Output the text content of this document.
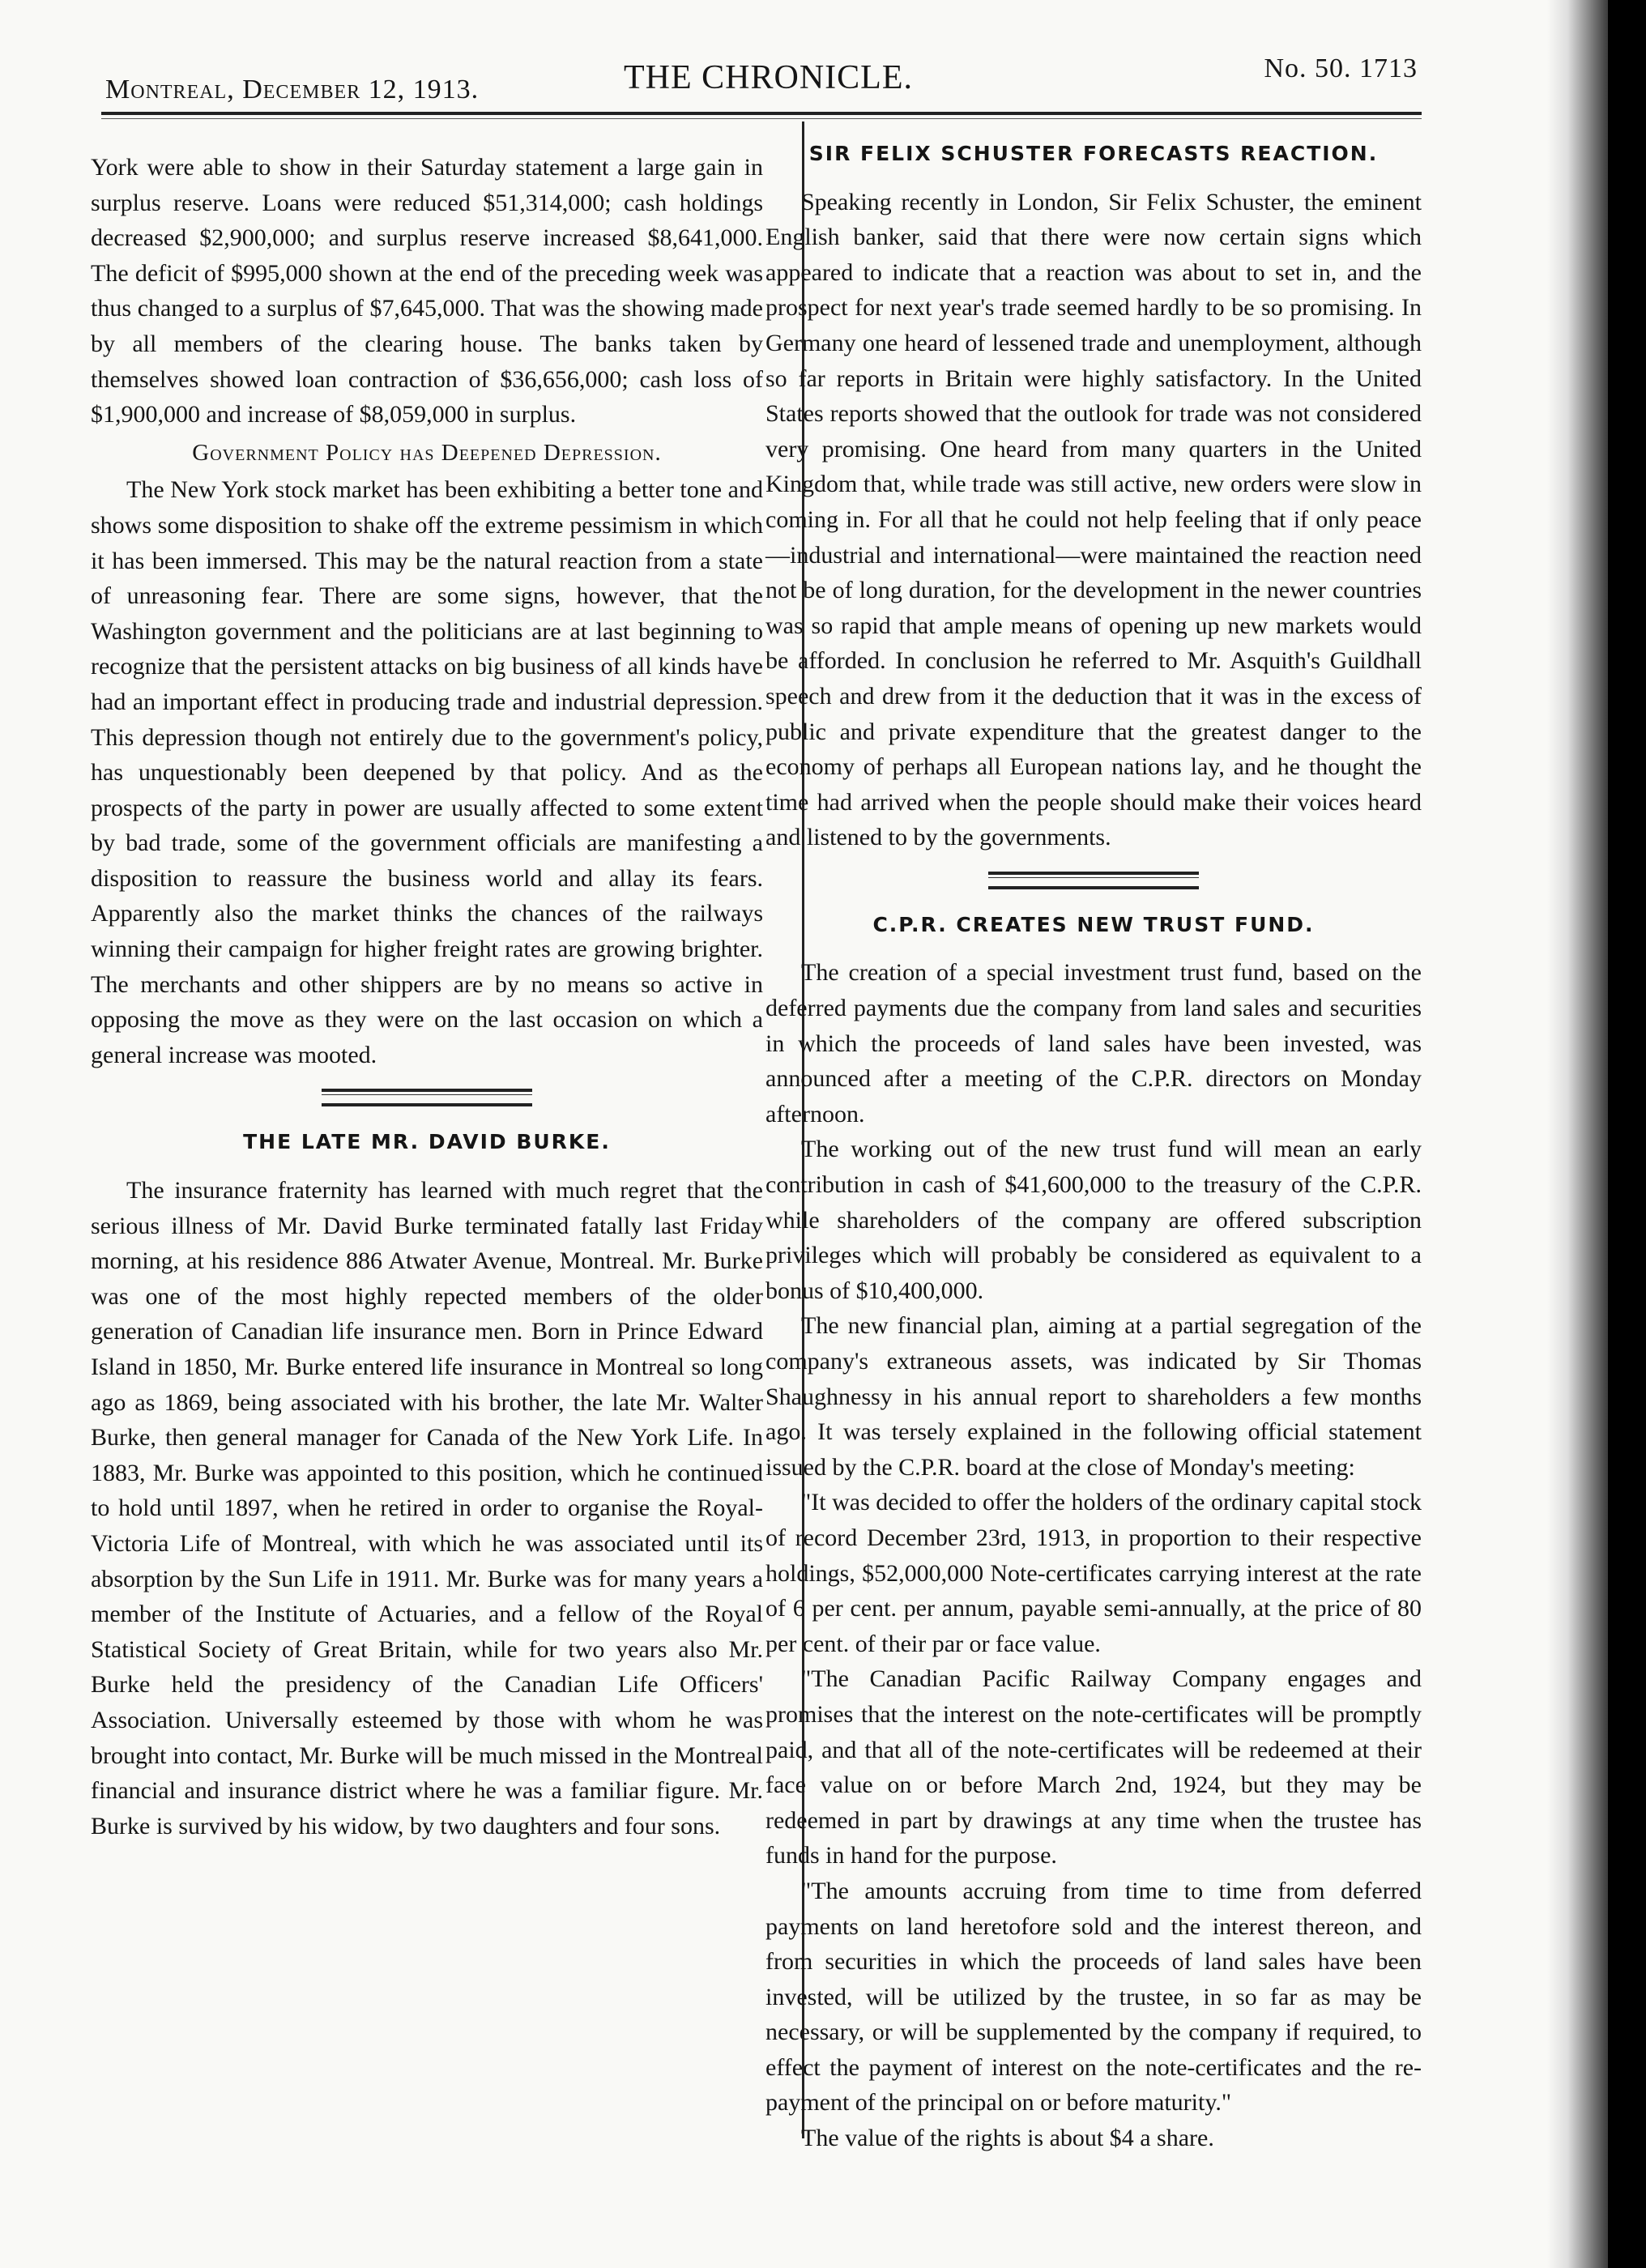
Montreal, December 12, 1913.	THE CHRONICLE.	No. 50. 1713

York were able to show in their Saturday statement a large gain in surplus reserve. Loans were reduced $51,314,000; cash holdings decreased $2,900,000; and surplus reserve increased $8,641,000. The deficit of $995,000 shown at the end of the preceding week was thus changed to a surplus of $7,645,000. That was the showing made by all members of the clearing house. The banks taken by themselves showed loan contraction of $36,656,000; cash loss of $1,900,000 and increase of $8,059,000 in surplus.

Government Policy has Deepened Depression.

The New York stock market has been exhibiting a better tone and shows some disposition to shake off the extreme pessimism in which it has been immersed. This may be the natural reaction from a state of unreasoning fear. There are some signs, however, that the Washington government and the politicians are at last beginning to recognize that the persistent attacks on big business of all kinds have had an important effect in producing trade and industrial depression. This depression though not entirely due to the government's policy, has unquestionably been deepened by that policy. And as the prospects of the party in power are usually affected to some extent by bad trade, some of the government officials are manifesting a disposition to reassure the business world and allay its fears. Apparently also the market thinks the chances of the railways winning their campaign for higher freight rates are growing brighter. The merchants and other shippers are by no means so active in opposing the move as they were on the last occasion on which a general increase was mooted.

THE LATE MR. DAVID BURKE.

The insurance fraternity has learned with much regret that the serious illness of Mr. David Burke terminated fatally last Friday morning, at his residence 886 Atwater Avenue, Montreal. Mr. Burke was one of the most highly repected members of the older generation of Canadian life insurance men. Born in Prince Edward Island in 1850, Mr. Burke entered life insurance in Montreal so long ago as 1869, being associated with his brother, the late Mr. Walter Burke, then general manager for Canada of the New York Life. In 1883, Mr. Burke was appointed to this position, which he continued to hold until 1897, when he retired in order to organise the Royal-Victoria Life of Montreal, with which he was associated until its absorption by the Sun Life in 1911. Mr. Burke was for many years a member of the Institute of Actuaries, and a fellow of the Royal Statistical Society of Great Britain, while for two years also Mr. Burke held the presidency of the Canadian Life Officers' Association. Universally esteemed by those with whom he was brought into contact, Mr. Burke will be much missed in the Montreal financial and insurance district where he was a familiar figure. Mr. Burke is survived by his widow, by two daughters and four sons.

SIR FELIX SCHUSTER FORECASTS REACTION.

Speaking recently in London, Sir Felix Schuster, the eminent English banker, said that there were now certain signs which appeared to indicate that a reaction was about to set in, and the prospect for next year's trade seemed hardly to be so promising. In Germany one heard of lessened trade and unemployment, although so far reports in Britain were highly satisfactory. In the United States reports showed that the outlook for trade was not considered very promising. One heard from many quarters in the United Kingdom that, while trade was still active, new orders were slow in coming in. For all that he could not help feeling that if only peace—industrial and international—were maintained the reaction need not be of long duration, for the development in the newer countries was so rapid that ample means of opening up new markets would be afforded. In conclusion he referred to Mr. Asquith's Guildhall speech and drew from it the deduction that it was in the excess of public and private expenditure that the greatest danger to the economy of perhaps all European nations lay, and he thought the time had arrived when the people should make their voices heard and listened to by the governments.

C.P.R. CREATES NEW TRUST FUND.

The creation of a special investment trust fund, based on the deferred payments due the company from land sales and securities in which the proceeds of land sales have been invested, was announced after a meeting of the C.P.R. directors on Monday afternoon.

The working out of the new trust fund will mean an early contribution in cash of $41,600,000 to the treasury of the C.P.R. while shareholders of the company are offered subscription privileges which will probably be considered as equivalent to a bonus of $10,400,000.

The new financial plan, aiming at a partial segregation of the company's extraneous assets, was indicated by Sir Thomas Shaughnessy in his annual report to shareholders a few months ago. It was tersely explained in the following official statement issued by the C.P.R. board at the close of Monday's meeting:

"It was decided to offer the holders of the ordinary capital stock of record December 23rd, 1913, in proportion to their respective holdings, $52,000,000 Note-certificates carrying interest at the rate of 6 per cent. per annum, payable semi-annually, at the price of 80 per cent. of their par or face value.

"The Canadian Pacific Railway Company engages and promises that the interest on the note-certificates will be promptly paid, and that all of the note-certificates will be redeemed at their face value on or before March 2nd, 1924, but they may be redeemed in part by drawings at any time when the trustee has funds in hand for the purpose.

"The amounts accruing from time to time from deferred payments on land heretofore sold and the interest thereon, and from securities in which the proceeds of land sales have been invested, will be utilized by the trustee, in so far as may be necessary, or will be supplemented by the company if required, to effect the payment of interest on the note-certificates and the re-payment of the principal on or before maturity."

The value of the rights is about $4 a share.
